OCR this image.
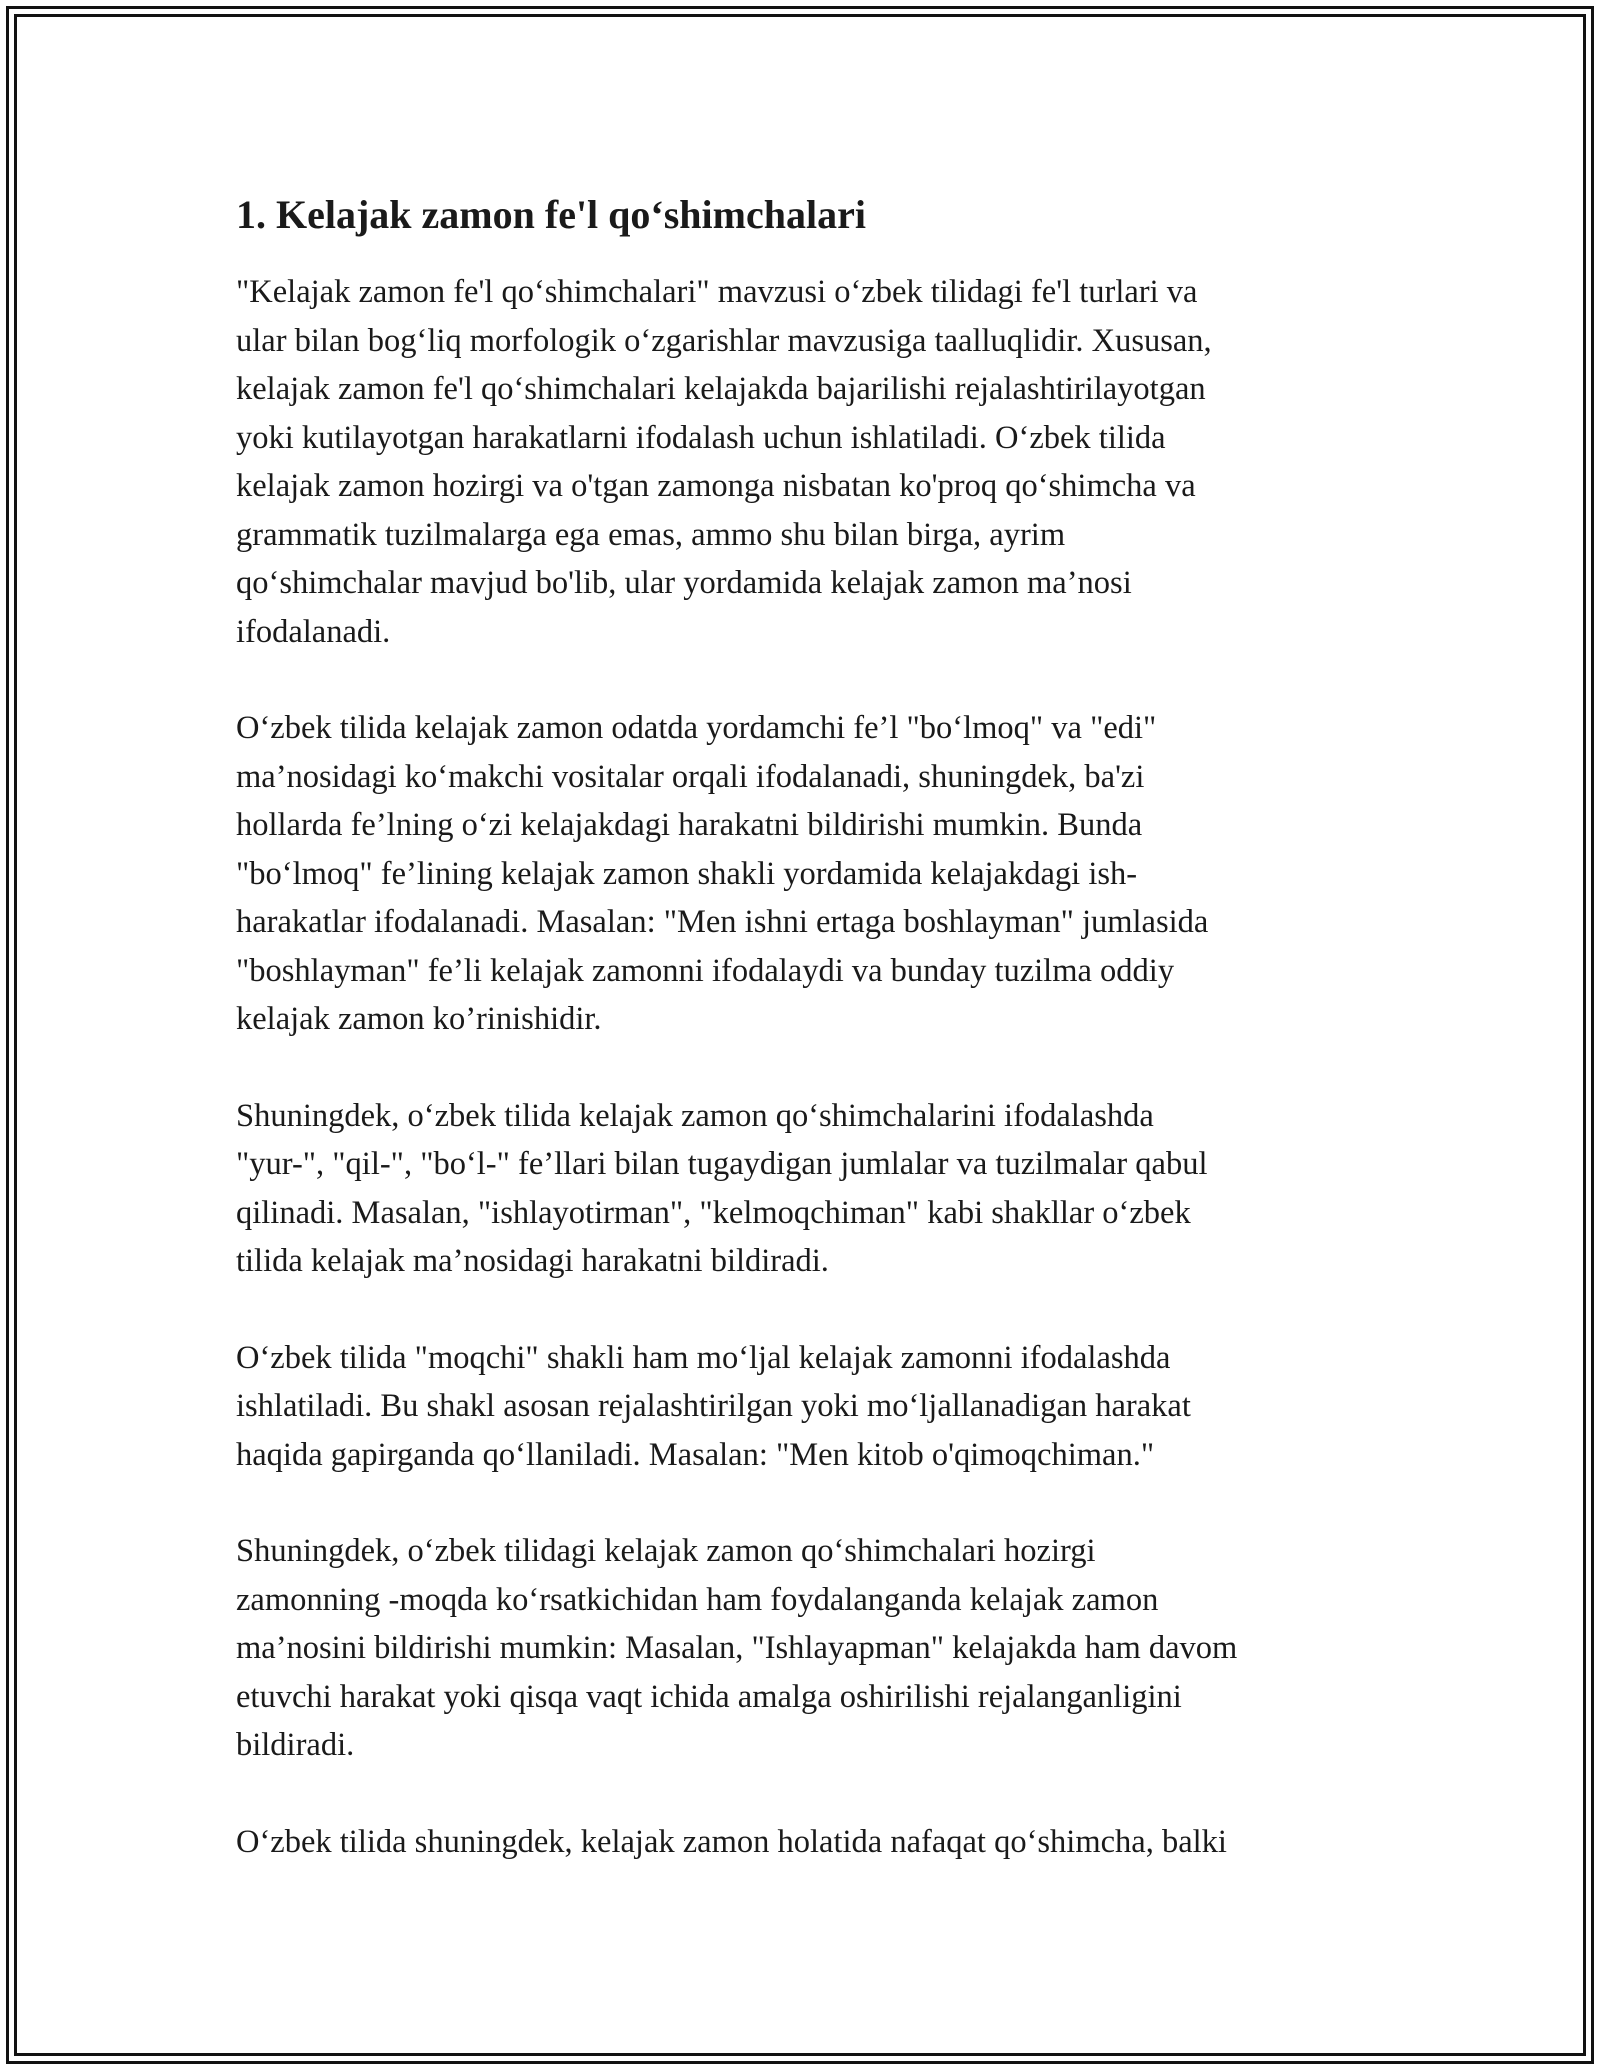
1. Kelajak zamon fe'l qo‘shimchalari

"Kelajak zamon fe'l qo‘shimchalari" mavzusi o‘zbek tilidagi fe'l turlari va
ular bilan bog‘liq morfologik o‘zgarishlar mavzusiga taalluqlidir. Xususan,
kelajak zamon fe'l qo‘shimchalari kelajakda bajarilishi rejalashtirilayotgan
yoki kutilayotgan harakatlarni ifodalash uchun ishlatiladi. O‘zbek tilida
kelajak zamon hozirgi va o'tgan zamonga nisbatan ko'proq qo‘shimcha va
grammatik tuzilmalarga ega emas, ammo shu bilan birga, ayrim
qo‘shimchalar mavjud bo'lib, ular yordamida kelajak zamon ma’nosi
ifodalanadi.

O‘zbek tilida kelajak zamon odatda yordamchi fe’l "bo‘lmoq" va "edi"
ma’nosidagi ko‘makchi vositalar orqali ifodalanadi, shuningdek, ba'zi
hollarda fe’lning o‘zi kelajakdagi harakatni bildirishi mumkin. Bunda
"bo‘lmoq" fe’lining kelajak zamon shakli yordamida kelajakdagi ish-
harakatlar ifodalanadi. Masalan: "Men ishni ertaga boshlayman" jumlasida
"boshlayman" fe’li kelajak zamonni ifodalaydi va bunday tuzilma oddiy
kelajak zamon ko’rinishidir.

Shuningdek, o‘zbek tilida kelajak zamon qo‘shimchalarini ifodalashda
"yur-", "qil-", "bo‘l-" fe’llari bilan tugaydigan jumlalar va tuzilmalar qabul
qilinadi. Masalan, "ishlayotirman", "kelmoqchiman" kabi shakllar o‘zbek
tilida kelajak ma’nosidagi harakatni bildiradi.

O‘zbek tilida "moqchi" shakli ham mo‘ljal kelajak zamonni ifodalashda
ishlatiladi. Bu shakl asosan rejalashtirilgan yoki mo‘ljallanadigan harakat
haqida gapirganda qo‘llaniladi. Masalan: "Men kitob o'qimoqchiman."

Shuningdek, o‘zbek tilidagi kelajak zamon qo‘shimchalari hozirgi
zamonning -moqda ko‘rsatkichidan ham foydalanganda kelajak zamon
ma’nosini bildirishi mumkin: Masalan, "Ishlayapman" kelajakda ham davom
etuvchi harakat yoki qisqa vaqt ichida amalga oshirilishi rejalanganligini
bildiradi.

O‘zbek tilida shuningdek, kelajak zamon holatida nafaqat qo‘shimcha, balki
